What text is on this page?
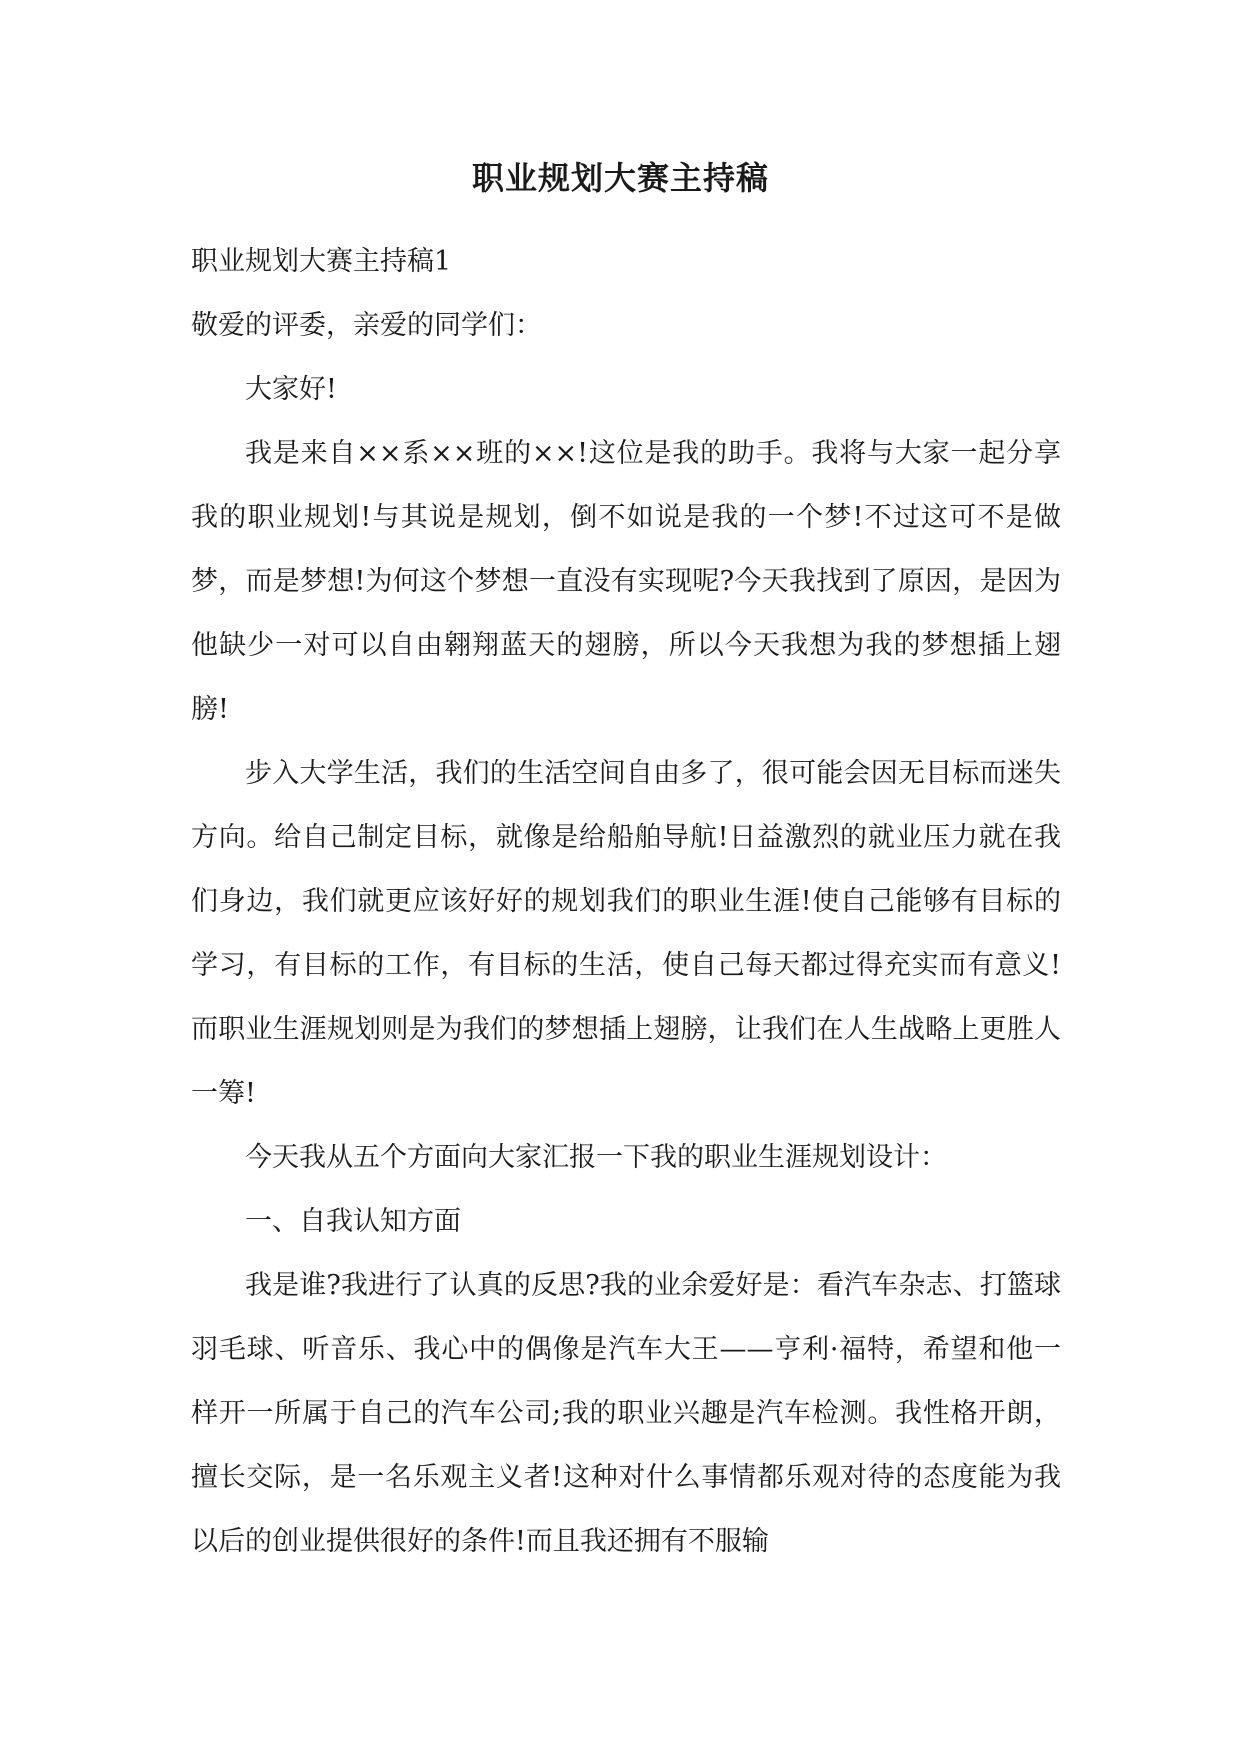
职业规划大赛主持稿

职业规划大赛主持稿1

敬爱的评委，亲爱的同学们：

大家好!

我是来自××系××班的××!这位是我的助手。我将与大家一起分享我的职业规划!与其说是规划，倒不如说是我的一个梦!不过这可不是做梦，而是梦想!为何这个梦想一直没有实现呢?今天我找到了原因，是因为他缺少一对可以自由翱翔蓝天的翅膀，所以今天我想为我的梦想插上翅膀!

步入大学生活，我们的生活空间自由多了，很可能会因无目标而迷失方向。给自己制定目标，就像是给船舶导航!日益激烈的就业压力就在我们身边，我们就更应该好好的规划我们的职业生涯!使自己能够有目标的学习，有目标的工作，有目标的生活，使自己每天都过得充实而有意义!而职业生涯规划则是为我们的梦想插上翅膀，让我们在人生战略上更胜人一筹!

今天我从五个方面向大家汇报一下我的职业生涯规划设计：

一、自我认知方面

我是谁?我进行了认真的反思?我的业余爱好是：看汽车杂志、打篮球羽毛球、听音乐、我心中的偶像是汽车大王——亨利·福特，希望和他一样开一所属于自己的汽车公司;我的职业兴趣是汽车检测。我性格开朗，擅长交际，是一名乐观主义者!这种对什么事情都乐观对待的态度能为我以后的创业提供很好的条件!而且我还拥有不服输
